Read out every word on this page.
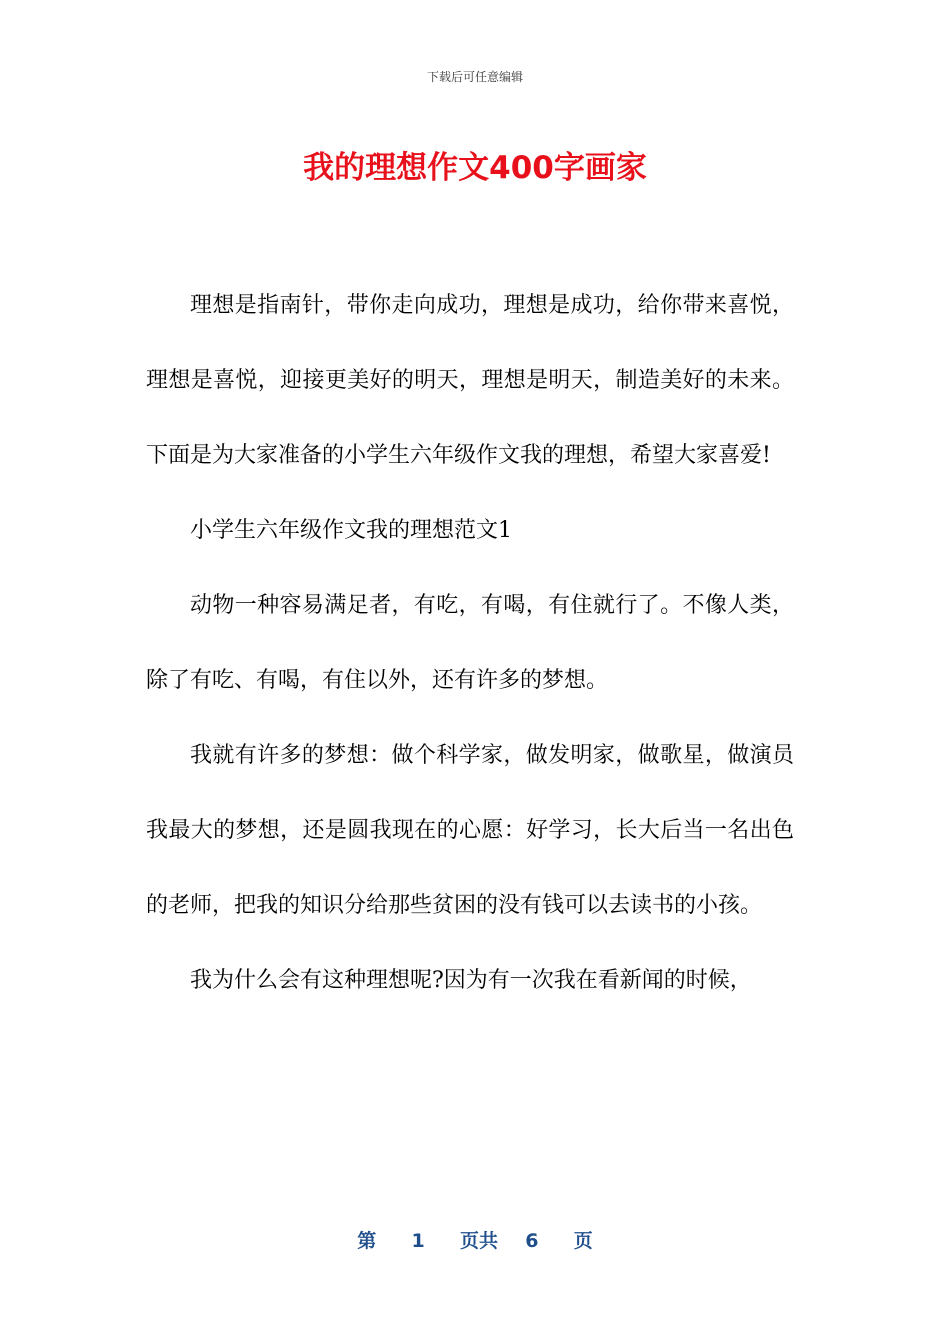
下载后可任意编辑
我的理想作文400字画家

理想是指南针，带你走向成功，理想是成功，给你带来喜悦，理想是喜悦，迎接更美好的明天，理想是明天，制造美好的未来。下面是为大家准备的小学生六年级作文我的理想，希望大家喜爱!

小学生六年级作文我的理想范文1

动物一种容易满足者，有吃，有喝，有住就行了。不像人类，除了有吃、有喝，有住以外，还有许多的梦想。

我就有许多的梦想：做个科学家，做发明家，做歌星，做演员我最大的梦想，还是圆我现在的心愿：好学习，长大后当一名出色的老师，把我的知识分给那些贫困的没有钱可以去读书的小孩。

我为什么会有这种理想呢?因为有一次我在看新闻的时候，

第 1 页共 6 页
